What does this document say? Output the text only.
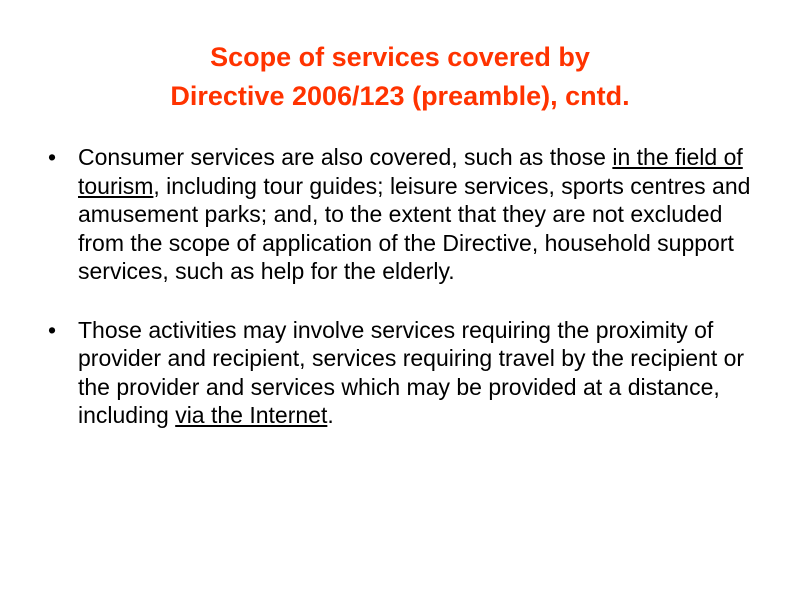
Scope of services covered by
Directive 2006/123 (preamble), cntd.
• Consumer services are also covered, such as those in the field of tourism, including tour guides; leisure services, sports centres and amusement parks; and, to the extent that they are not excluded from the scope of application of the Directive, household support services, such as help for the elderly.
• Those activities may involve services requiring the proximity of provider and recipient, services requiring travel by the recipient or the provider and services which may be provided at a distance, including via the Internet.
